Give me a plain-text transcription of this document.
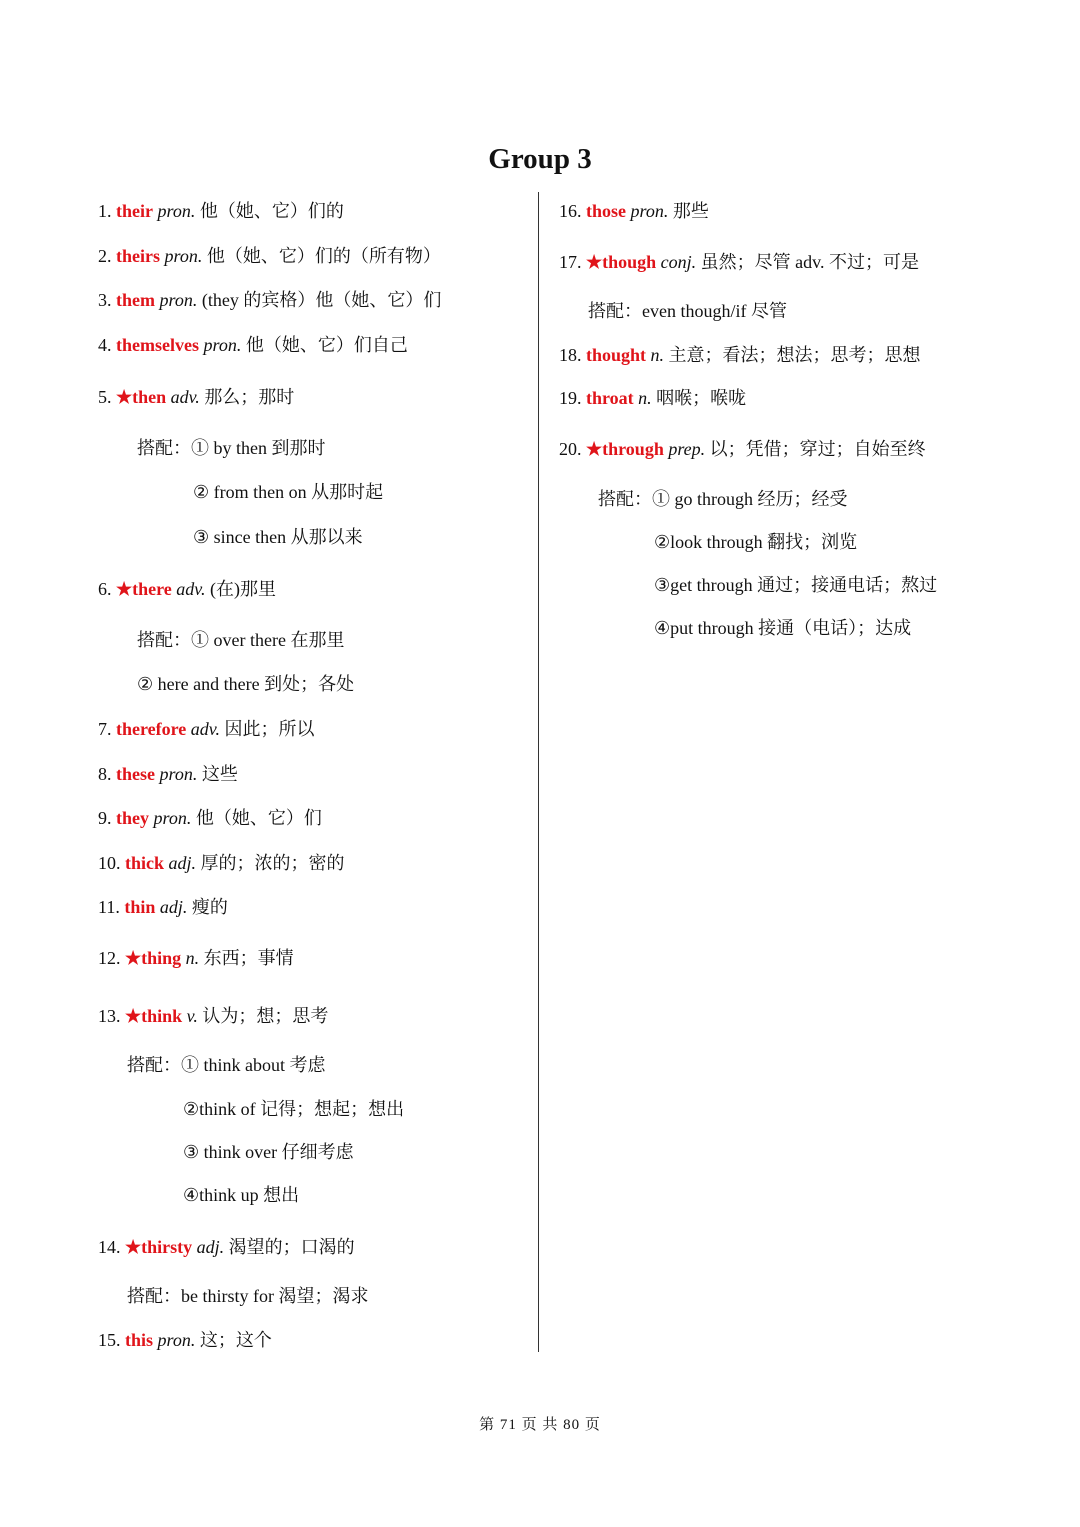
Group 3
1. their pron. 他（她、它）们的
2. theirs pron. 他（她、它）们的（所有物）
3. them pron. (they 的宾格）他（她、它）们
4. themselves pron. 他（她、它）们自己
5. ★then adv. 那么；那时
搭配：① by then 到那时
② from then on 从那时起
③ since then 从那以来
6. ★there adv. (在)那里
搭配：① over there 在那里
② here and there 到处；各处
7. therefore adv. 因此；所以
8. these pron. 这些
9. they pron. 他（她、它）们
10. thick adj. 厚的；浓的；密的
11. thin adj. 瘦的
12. ★thing n. 东西；事情
13. ★think v. 认为；想；思考
搭配：① think about 考虑
②think of 记得；想起；想出
③ think over 仔细考虑
④think up 想出
14. ★thirsty adj. 渴望的；口渴的
搭配：be thirsty for 渴望；渴求
15. this pron. 这；这个
16. those pron. 那些
17. ★though conj. 虽然；尽管 adv. 不过；可是
搭配：even though/if 尽管
18. thought n. 主意；看法；想法；思考；思想
19. throat n. 咽喉；喉咙
20. ★through prep. 以；凭借；穿过；自始至终
搭配：① go through 经历；经受
②look through 翻找；浏览
③get through 通过；接通电话；熬过
④put through 接通（电话）；达成
第 71 页 共 80 页
